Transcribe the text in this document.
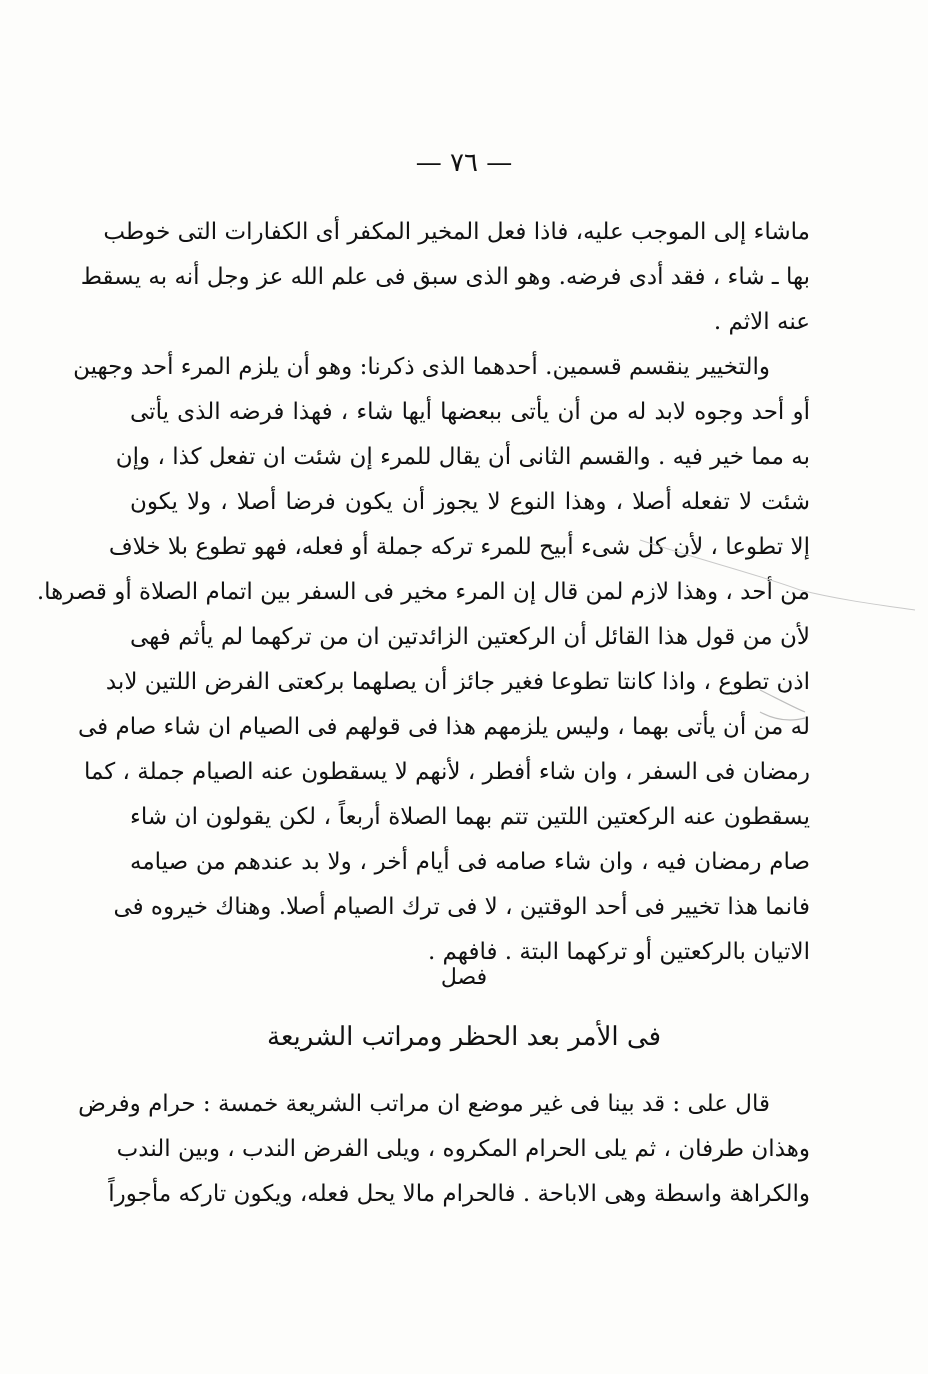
— ٧٦ —
ماشاء إلى الموجب عليه، فاذا فعل المخير المكفر أى الكفارات التى خوطب
بها ـ شاء ، فقد أدى فرضه. وهو الذى سبق فى علم الله عز وجل أنه به يسقط
عنه الاثم .
والتخيير ينقسم قسمين. أحدهما الذى ذكرنا: وهو أن يلزم المرء أحد وجهين
أو أحد وجوه لابد له من أن يأتى ببعضها أيها شاء ، فهذا فرضه الذى يأتى
به مما خير فيه . والقسم الثانى أن يقال للمرء إن شئت ان تفعل كذا ، وإن
شئت لا تفعله أصلا ، وهذا النوع لا يجوز أن يكون فرضا أصلا ، ولا يكون
إلا تطوعا ، لأن كل شىء أبيح للمرء تركه جملة أو فعله، فهو تطوع بلا خلاف
من أحد ، وهذا لازم لمن قال إن المرء مخير فى السفر بين اتمام الصلاة أو قصرها.
لأن من قول هذا القائل أن الركعتين الزائدتين ان من تركهما لم يأثم فهى
اذن تطوع ، واذا كانتا تطوعا فغير جائز أن يصلهما بركعتى الفرض اللتين لابد
له من أن يأتى بهما ، وليس يلزمهم هذا فى قولهم فى الصيام ان شاء صام فى
رمضان فى السفر ، وان شاء أفطر ، لأنهم لا يسقطون عنه الصيام جملة ، كما
يسقطون عنه الركعتين اللتين تتم بهما الصلاة أربعاً ، لكن يقولون ان شاء
صام رمضان فيه ، وان شاء صامه فى أيام أخر ، ولا بد عندهم من صيامه
فانما هذا تخيير فى أحد الوقتين ، لا فى ترك الصيام أصلا. وهناك خيروه فى
الاتيان بالركعتين أو تركهما البتة . فافهم .
فصل
فى الأمر بعد الحظر ومراتب الشريعة
قال على : قد بينا فى غير موضع ان مراتب الشريعة خمسة : حرام وفرض
وهذان طرفان ، ثم يلى الحرام المكروه ، ويلى الفرض الندب ، وبين الندب
والكراهة واسطة وهى الاباحة . فالحرام مالا يحل فعله، ويكون تاركه مأجوراً
